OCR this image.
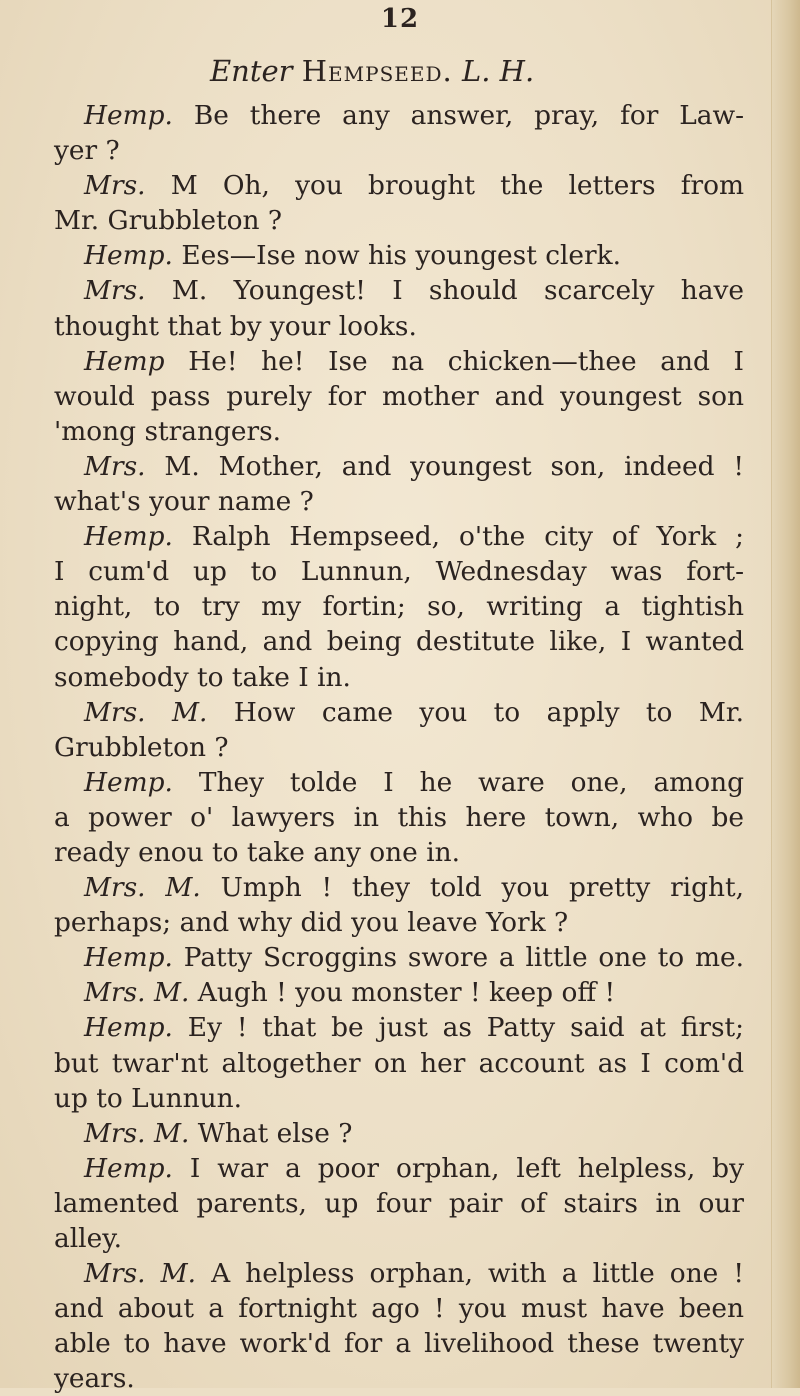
12
Enter Hempseed. L. H.
Hemp. Be there any answer, pray, for Law-
yer ?
Mrs. M Oh, you brought the letters from
Mr. Grubbleton ?
Hemp. Ees—Ise now his youngest clerk.
Mrs. M. Youngest! I should scarcely have
thought that by your looks.
Hemp He! he! Ise na chicken—thee and I
would pass purely for mother and youngest son
'mong strangers.
Mrs. M. Mother, and youngest son, indeed !
what's your name ?
Hemp. Ralph Hempseed, o'the city of York ;
I cum'd up to Lunnun, Wednesday was fort-
night, to try my fortin; so, writing a tightish
copying hand, and being destitute like, I wanted
somebody to take I in.
Mrs. M. How came you to apply to Mr.
Grubbleton ?
Hemp. They tolde I he ware one, among
a power o' lawyers in this here town, who be
ready enou to take any one in.
Mrs. M. Umph ! they told you pretty right,
perhaps; and why did you leave York ?
Hemp. Patty Scroggins swore a little one to me.
Mrs. M. Augh ! you monster ! keep off !
Hemp. Ey ! that be just as Patty said at first;
but twar'nt altogether on her account as I com'd
up to Lunnun.
Mrs. M. What else ?
Hemp. I war a poor orphan, left helpless, by
lamented parents, up four pair of stairs in our
alley.
Mrs. M. A helpless orphan, with a little one !
and about a fortnight ago ! you must have been
able to have work'd for a livelihood these twenty
years.
